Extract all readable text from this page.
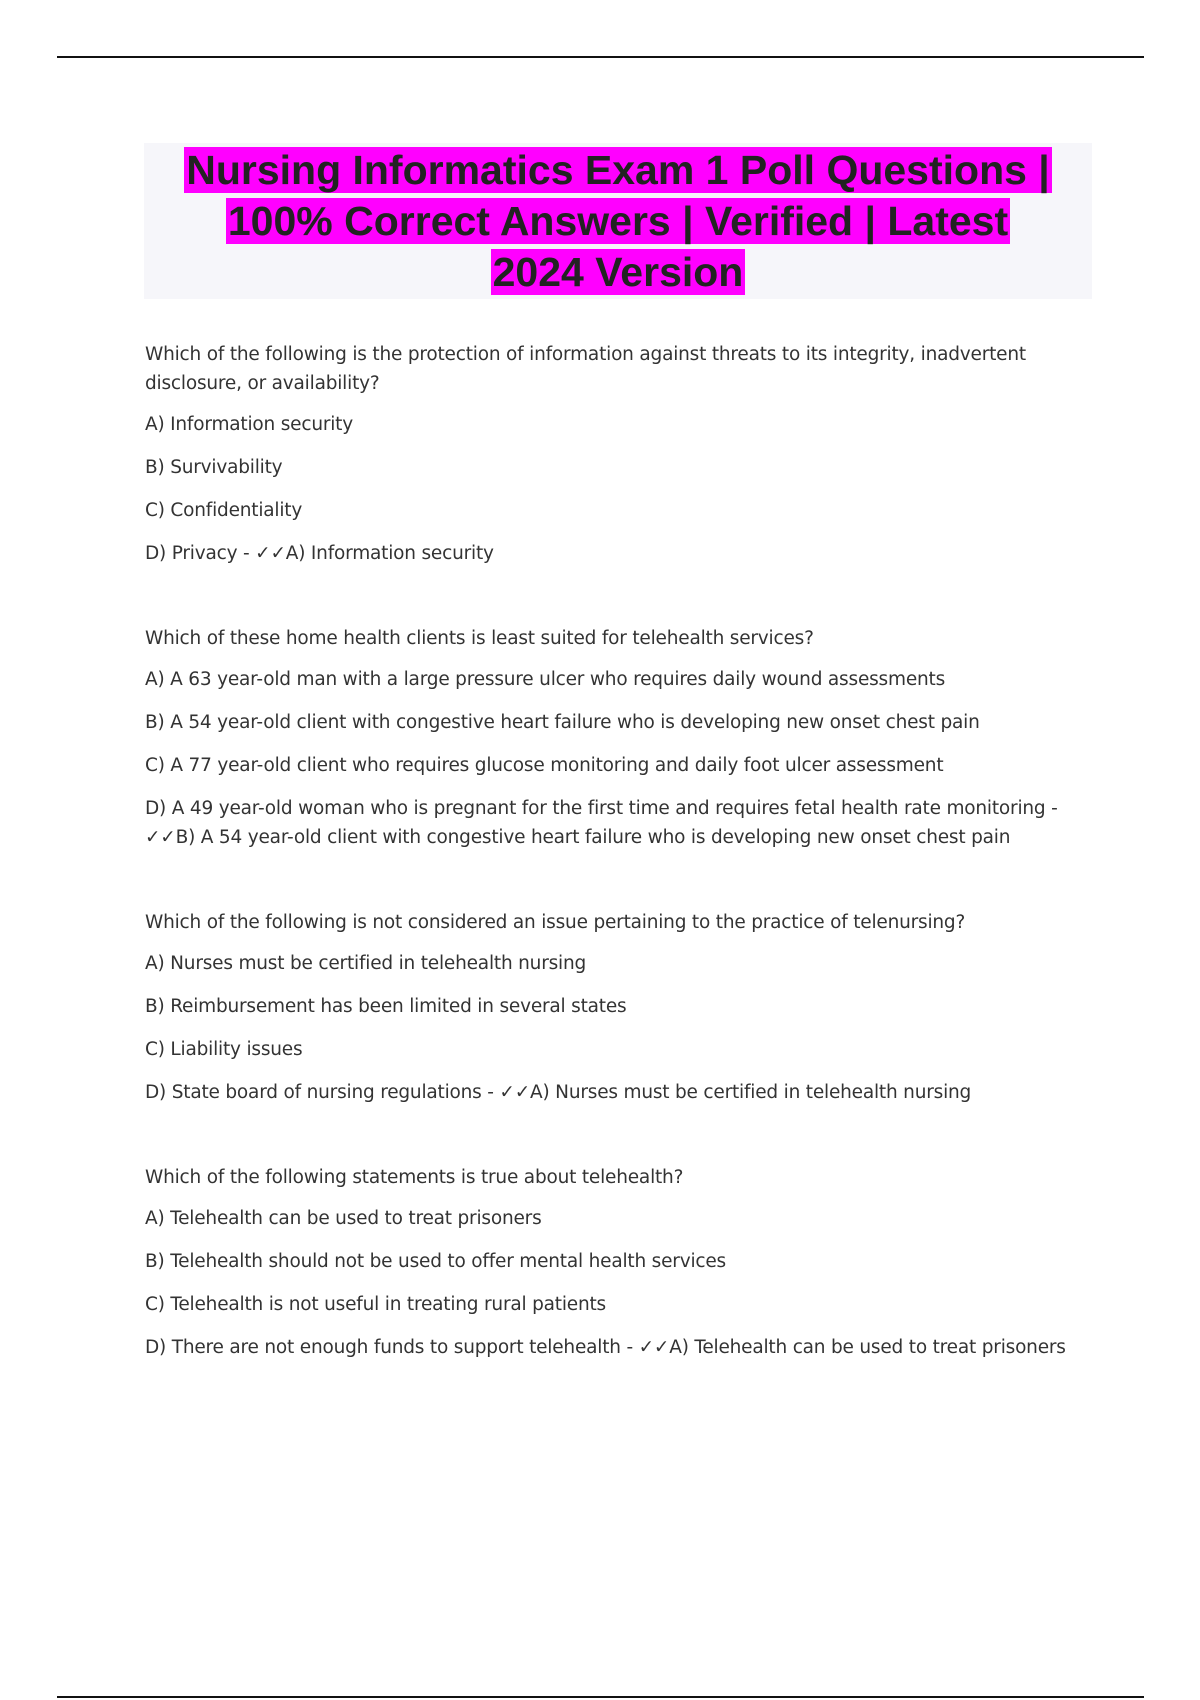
Nursing Informatics Exam 1 Poll Questions |
100% Correct Answers | Verified | Latest
2024 Version

Which of the following is the protection of information against threats to its integrity, inadvertent disclosure, or availability?

A) Information security

B) Survivability

C) Confidentiality

D) Privacy - ✓✓A) Information security

Which of these home health clients is least suited for telehealth services?

A) A 63 year-old man with a large pressure ulcer who requires daily wound assessments

B) A 54 year-old client with congestive heart failure who is developing new onset chest pain

C) A 77 year-old client who requires glucose monitoring and daily foot ulcer assessment

D) A 49 year-old woman who is pregnant for the first time and requires fetal health rate monitoring - ✓✓B) A 54 year-old client with congestive heart failure who is developing new onset chest pain

Which of the following is not considered an issue pertaining to the practice of telenursing?

A) Nurses must be certified in telehealth nursing

B) Reimbursement has been limited in several states

C) Liability issues

D) State board of nursing regulations - ✓✓A) Nurses must be certified in telehealth nursing

Which of the following statements is true about telehealth?

A) Telehealth can be used to treat prisoners

B) Telehealth should not be used to offer mental health services

C) Telehealth is not useful in treating rural patients

D) There are not enough funds to support telehealth - ✓✓A) Telehealth can be used to treat prisoners
